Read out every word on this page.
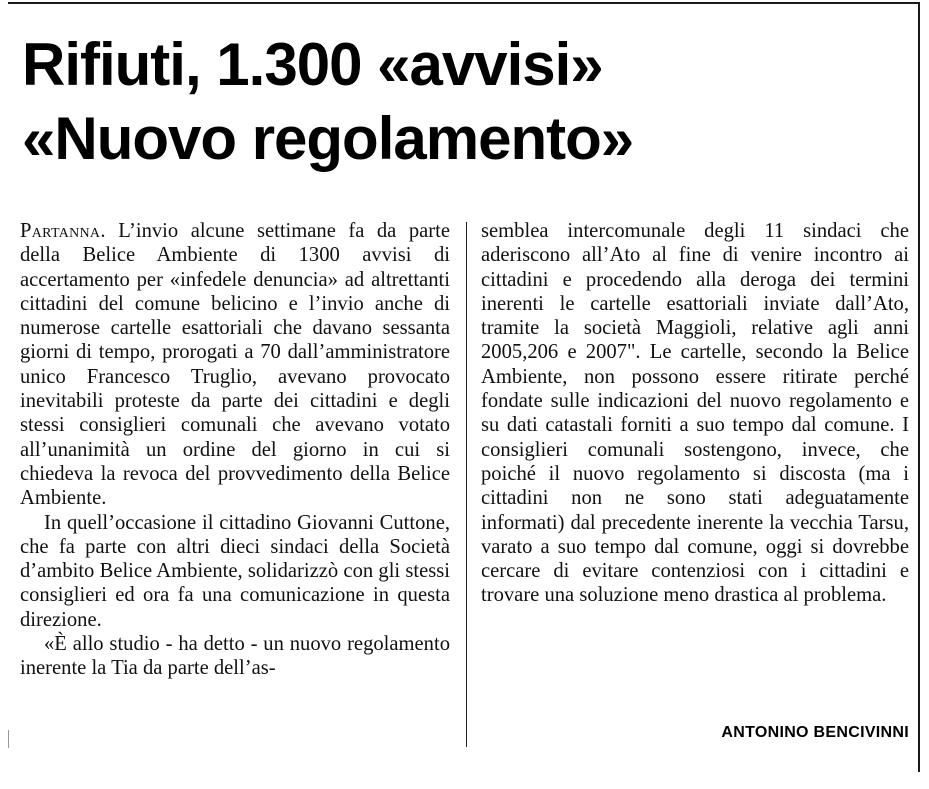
Rifiuti, 1.300 «avvisi»
«Nuovo regolamento»

Partanna. L’invio alcune settimane fa da parte della Belice Ambiente di 1300 avvisi di accertamento per «infedele denuncia» ad altrettanti cittadini del comune belicino e l’invio anche di numerose cartelle esattoriali che davano sessanta giorni di tempo, prorogati a 70 dall’amministratore unico Francesco Truglio, avevano provocato inevitabili proteste da parte dei cittadini e degli stessi consiglieri comunali che avevano votato all’unanimità un ordine del giorno in cui si chiedeva la revoca del provvedimento della Belice Ambiente.

In quell’occasione il cittadino Giovanni Cuttone, che fa parte con altri dieci sindaci della Società d’ambito Belice Ambiente, solidarizzò con gli stessi consiglieri ed ora fa una comunicazione in questa direzione.

«È allo studio - ha detto - un nuovo regolamento inerente la Tia da parte dell’as-

semblea intercomunale degli 11 sindaci che aderiscono all’Ato al fine di venire incontro ai cittadini e procedendo alla deroga dei termini inerenti le cartelle esattoriali inviate dall’Ato, tramite la società Maggioli, relative agli anni 2005,206 e 2007". Le cartelle, secondo la Belice Ambiente, non possono essere ritirate perché fondate sulle indicazioni del nuovo regolamento e su dati catastali forniti a suo tempo dal comune. I consiglieri comunali sostengono, invece, che poiché il nuovo regolamento si discosta (ma i cittadini non ne sono stati adeguatamente informati) dal precedente inerente la vecchia Tarsu, varato a suo tempo dal comune, oggi si dovrebbe cercare di evitare contenziosi con i cittadini e trovare una soluzione meno drastica al problema.

ANTONINO BENCIVINNI
